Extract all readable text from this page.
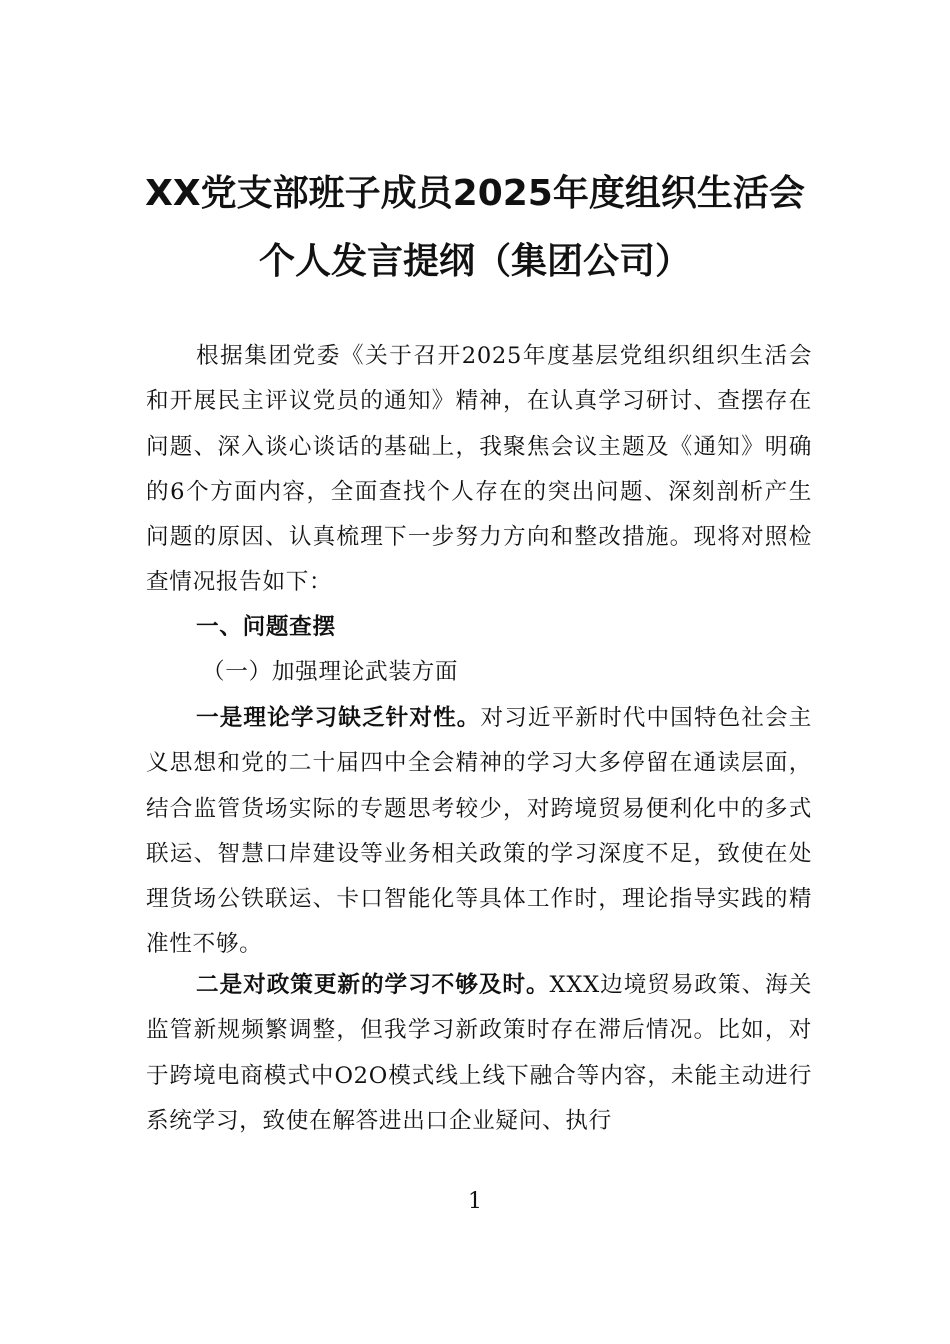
XX党支部班子成员2025年度组织生活会
个人发言提纲（集团公司）

根据集团党委《关于召开2025年度基层党组织组织生活会和开展民主评议党员的通知》精神，在认真学习研讨、查摆存在问题、深入谈心谈话的基础上，我聚焦会议主题及《通知》明确的6个方面内容，全面查找个人存在的突出问题、深刻剖析产生问题的原因、认真梳理下一步努力方向和整改措施。现将对照检查情况报告如下：

一、问题查摆

（一）加强理论武装方面

一是理论学习缺乏针对性。对习近平新时代中国特色社会主义思想和党的二十届四中全会精神的学习大多停留在通读层面，结合监管货场实际的专题思考较少，对跨境贸易便利化中的多式联运、智慧口岸建设等业务相关政策的学习深度不足，致使在处理货场公铁联运、卡口智能化等具体工作时，理论指导实践的精准性不够。

二是对政策更新的学习不够及时。XXX边境贸易政策、海关监管新规频繁调整，但我学习新政策时存在滞后情况。比如，对于跨境电商模式中O2O模式线上线下融合等内容，未能主动进行系统学习，致使在解答进出口企业疑问、执行

1
